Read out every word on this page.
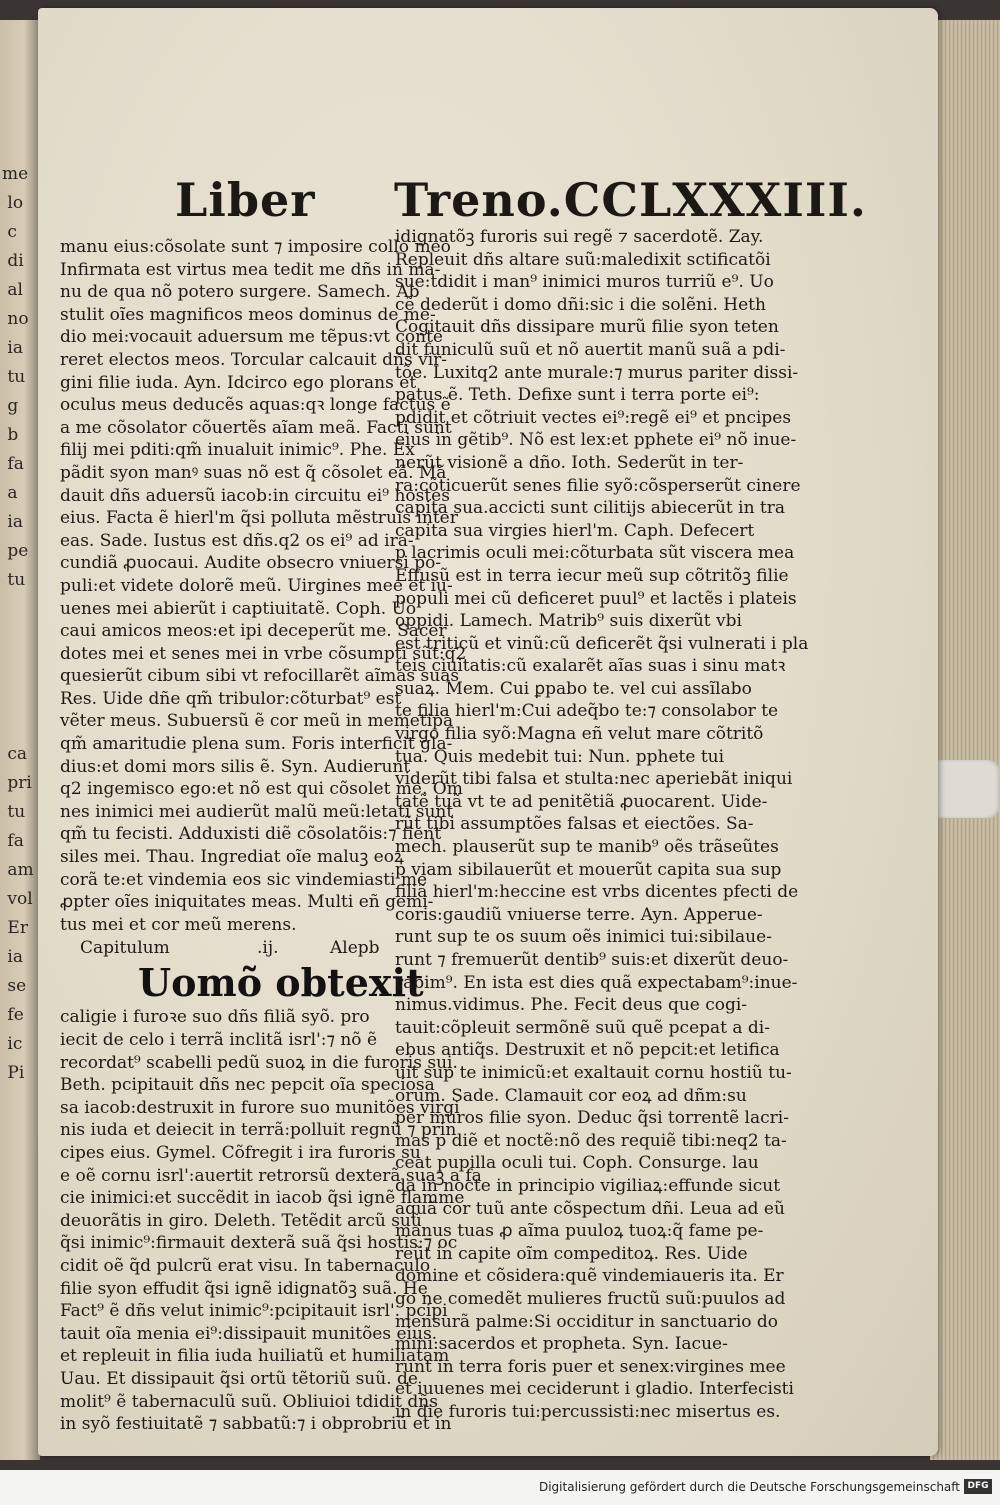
me
lo
c
di
al
no
ia
tu
g
b
fa
a
ia
pe
tu

ca
pri
tu
fa
am
vol
Er
ia
se
fe
ic
Pi
Liber Treno.CCLXXXIII.
manu eius:cõsolate sunt ⁊ imposire collo meo
Infirmata est virtus mea tedit me dñs in ma-
nu de qua nõ potero surgere. Samech. Ab
stulit oĩes magnificos meos dominus de me-
dio mei:vocauit aduersum me tẽpus:vt conte
reret electos meos. Torcular calcauit dñs vir-
gini filie iuda. Ayn. Idcirco ego plorans et
oculus meus deducẽs aquas:qꝛ longe factus ẽ
a me cõsolator cõuertẽs aĩam meã. Facti sunt
filij mei pditi:qm̃ inualuit inimic⁹. Phe. Ex
pãdit syon manꝰ suas nõ est q̃ cõsolet eã. Mã
dauit dñs aduersũ iacob:in circuitu ei⁹ hostes
eius. Facta ẽ hierl'm q̃si polluta mẽstruis inter
eas. Sade. Iustus est dñs.q2 os ei⁹ ad ira-
cundiã ꝓuocaui. Audite obsecro vniuersi po-
puli:et videte dolorẽ meũ. Uirgines mee et iu-
uenes mei abierũt i captiuitatẽ. Coph. Uo
caui amicos meos:et ipi deceperũt me. Sacer
dotes mei et senes mei in vrbe cõsumpti sũt:q2
quesierũt cibum sibi vt refocillarẽt aĩmas suas
Res. Uide dñe qm̃ tribulor:cõturbat⁹ est
vẽter meus. Subuersũ ẽ cor meũ in memetipa
qm̃ amaritudie plena sum. Foris interficit gla-
dius:et domi mors silis ẽ. Syn. Audierunt
q2 ingemisco ego:et nõ est qui cõsolet me. Om
nes inimici mei audierũt malũ meũ:letati sunt
qm̃ tu fecisti. Adduxisti diẽ cõsolatõis:⁊ fient
siles mei. Thau. Ingrediat oĩe maluꝫ eoꝝ
corã te:et vindemia eos sic vindemiasti me
ꝓpter oĩes iniquitates meas. Multi eñ gemi-
tus mei et cor meũ merens.
Capitulum	.ij.	Alepb
Uomõ obtexit
caligie i furoꝛe suo dñs filiã syõ. pro
iecit de celo i terrã inclitã isrl':⁊ nõ ẽ
recordat⁹ scabelli pedũ suoꝝ in die furoris sui.
Beth. pcipitauit dñs nec pepcit oĩa speciosa
sa iacob:destruxit in furore suo munitões virgi
nis iuda et deiecit in terrã:polluit regnũ ⁊ prin
cipes eius. Gymel. Cõfregit i ira furoris su
e oẽ cornu isrl':auertit retrorsũ dexterã suaꝫ a fa
cie inimici:et succẽdit in iacob q̃si ignẽ flamme
deuorãtis in giro. Deleth. Tetẽdit arcũ suũ
q̃si inimic⁹:firmauit dexterã suã q̃si hostis:⁊ oc
cidit oẽ q̃d pulcrũ erat visu. In tabernaculo
filie syon effudit q̃si ignẽ idignatõꝫ suã. He
Fact⁹ ẽ dñs velut inimic⁹:pcipitauit isrl'. pcipi
tauit oĩa menia ei⁹:dissipauit munitões eius.
et repleuit in filia iuda huiliatũ et humiliatam
Uau. Et dissipauit q̃si ortũ tẽtoriũ suũ. de
molit⁹ ẽ tabernaculũ suũ. Obliuioi tdidit dñs
in syõ festiuitatẽ ⁊ sabbatũ:⁊ i obprobriũ et in
idignatõꝫ furoris sui regẽ ⁊ sacerdotẽ. Zay.
Repleuit dñs altare suũ:maledixit sctificatõi
sue:tdidit i man⁹ inimici muros turriũ e⁹. Uo
cẽ dederũt i domo dñi:sic i die solẽni. Heth
Cogitauit dñs dissipare murũ filie syon teten
dit funiculũ suũ et nõ auertit manũ suã a pdi-
tõe. Luxitq2 ante murale:⁊ murus pariter dissi-
patus ẽ. Teth. Defixe sunt i terra porte ei⁹:
pdidit et cõtriuit vectes ei⁹:regẽ ei⁹ et pncipes
eius in gẽtib⁹. Nõ est lex:et pphete ei⁹ nõ inue-
nerũt visionẽ a dño. Ioth. Sederũt in ter-
ra:cõticuerũt senes filie syõ:cõsperserũt cinere
capita sua.accicti sunt cilitijs abiecerũt in tra
capita sua virgies hierl'm. Caph. Defecert
p lacrimis oculi mei:cõturbata sũt viscera mea
Effusũ est in terra iecur meũ sup cõtritõꝫ filie
populi mei cũ deficeret puul⁹ et lactẽs i plateis
oppidi. Lamech. Matrib⁹ suis dixerũt vbi
est triticũ et vinũ:cũ deficerẽt q̃si vulnerati i pla
teis ciuitatis:cũ exalarẽt aĩas suas i sinu matꝛ
suaꝝ. Mem. Cui ꝑpabo te. vel cui assĩlabo
te filia hierl'm:Cui adeq̃bo te:⁊ consolabor te
virgo filia syõ:Magna eñ velut mare cõtritõ
tua. Quis medebit tui: Nun. pphete tui
viderũt tibi falsa et stulta:nec aperiebãt iniqui
tatẽ tuã vt te ad penitẽtiã ꝓuocarent. Uide-
rũt tibi assumptões falsas et eiectões. Sa-
mech. plauserũt sup te manib⁹ oẽs trãseũtes
p viam sibilauerũt et mouerũt capita sua sup
filiã hierl'm:heccine est vrbs dicentes pfecti de
coris:gaudiũ vniuerse terre. Ayn. Apperue-
runt sup te os suum oẽs inimici tui:sibilaue-
runt ⁊ fremuerũt dentib⁹ suis:et dixerũt deuo-
rabim⁹. En ista est dies quã expectabam⁹:inue-
nimus.vidimus. Phe. Fecit deus que cogi-
tauit:cõpleuit sermõnẽ suũ quẽ pcepat a di-
ebus antiq̃s. Destruxit et nõ pepcit:et letifica
uit sup te inimicũ:et exaltauit cornu hostiũ tu-
orum. Sade. Clamauit cor eoꝝ ad dñm:su
per muros filie syon. Deduc q̃si torrentẽ lacri-
mas p diẽ et noctẽ:nõ des requiẽ tibi:neq2 ta-
ceat pupilla oculi tui. Coph. Consurge. lau
da in nocte in principio vigiliaꝝ:effunde sicut
aquã cor tuũ ante cõspectum dñi. Leua ad eũ
manus tuas ꝓ aĩma puuloꝝ tuoꝝ:q̃ fame pe-
reũt in capite oĩm compeditoꝝ. Res. Uide
domine et cõsidera:quẽ vindemiaueris ita. Er
go ne comedẽt mulieres fructũ suũ:puulos ad
mensurã palme:Si occiditur in sanctuario do
mini:sacerdos et propheta. Syn. Iacue-
runt in terra foris puer et senex:virgines mee
et iuuenes mei ceciderunt i gladio. Interfecisti
in die furoris tui:percussisti:nec misertus es.
Digitalisierung gefördert durch die Deutsche Forschungsgemeinschaft DFG
